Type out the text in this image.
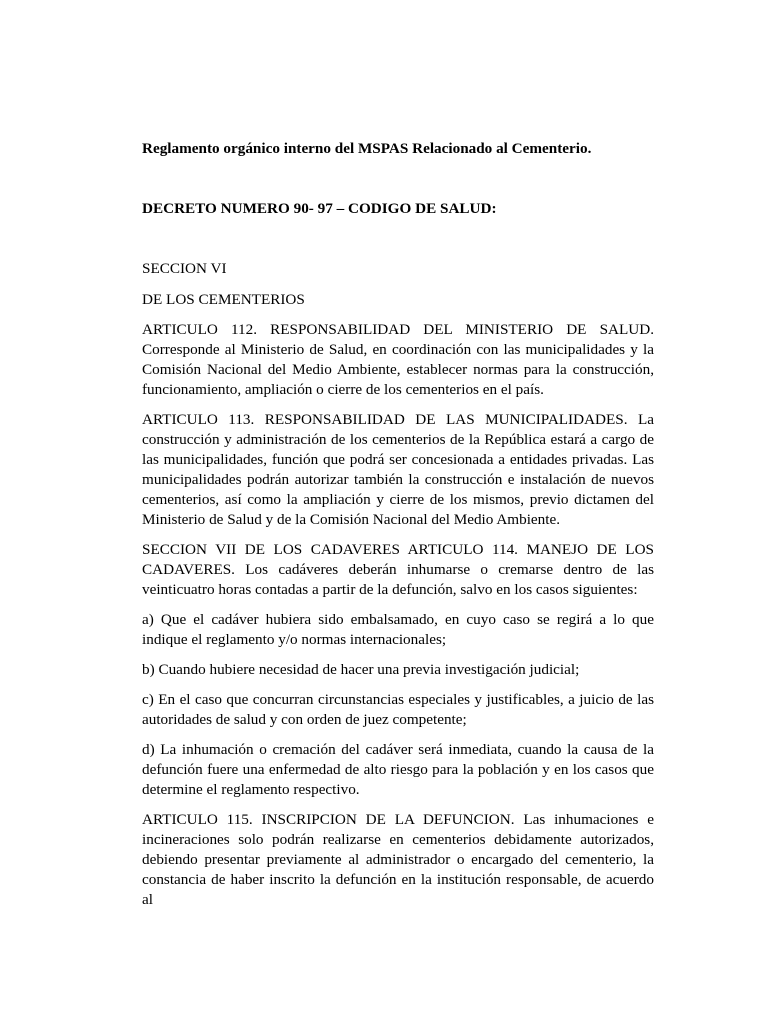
Reglamento orgánico interno del MSPAS Relacionado al Cementerio.

DECRETO NUMERO 90- 97 – CODIGO DE SALUD:

SECCION VI

DE LOS CEMENTERIOS

ARTICULO 112. RESPONSABILIDAD DEL MINISTERIO DE SALUD. Corresponde al Ministerio de Salud, en coordinación con las municipalidades y la Comisión Nacional del Medio Ambiente, establecer normas para la construcción, funcionamiento, ampliación o cierre de los cementerios en el país.

ARTICULO 113. RESPONSABILIDAD DE LAS MUNICIPALIDADES. La construcción y administración de los cementerios de la República estará a cargo de las municipalidades, función que podrá ser concesionada a entidades privadas. Las municipalidades podrán autorizar también la construcción e instalación de nuevos cementerios, así como la ampliación y cierre de los mismos, previo dictamen del Ministerio de Salud y de la Comisión Nacional del Medio Ambiente.

SECCION VII DE LOS CADAVERES ARTICULO 114. MANEJO DE LOS CADAVERES. Los cadáveres deberán inhumarse o cremarse dentro de las veinticuatro horas contadas a partir de la defunción, salvo en los casos siguientes:

a) Que el cadáver hubiera sido embalsamado, en cuyo caso se regirá a lo que indique el reglamento y/o normas internacionales;

b) Cuando hubiere necesidad de hacer una previa investigación judicial;

c) En el caso que concurran circunstancias especiales y justificables, a juicio de las autoridades de salud y con orden de juez competente;

d) La inhumación o cremación del cadáver será inmediata, cuando la causa de la defunción fuere una enfermedad de alto riesgo para la población y en los casos que determine el reglamento respectivo.

ARTICULO 115. INSCRIPCION DE LA DEFUNCION. Las inhumaciones e incineraciones solo podrán realizarse en cementerios debidamente autorizados, debiendo presentar previamente al administrador o encargado del cementerio, la constancia de haber inscrito la defunción en la institución responsable, de acuerdo al
